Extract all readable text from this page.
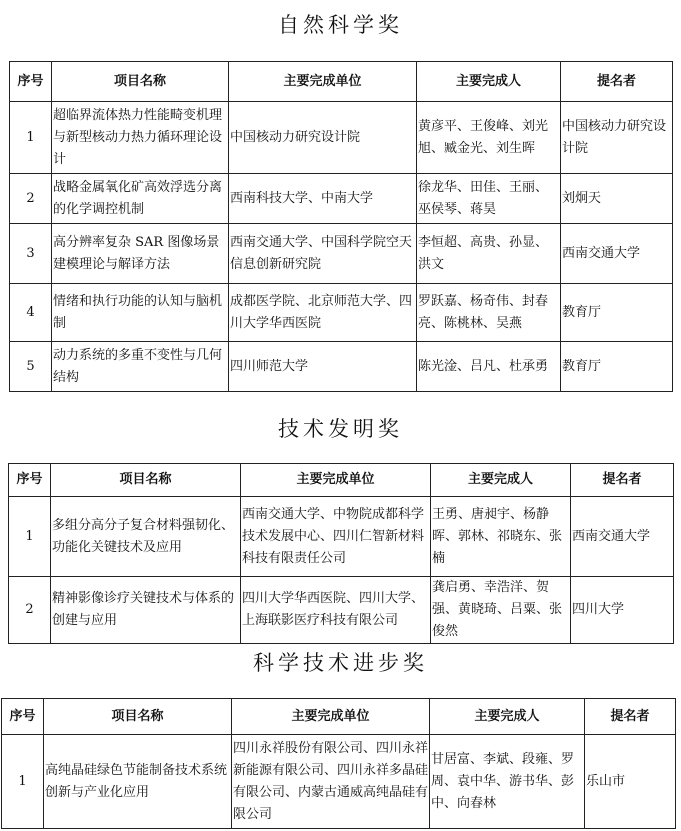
自然科学奖
序号	项目名称	主要完成单位	主要完成人	提名者
1	超临界流体热力性能畸变机理与新型核动力热力循环理论设计	中国核动力研究设计院	黄彦平、王俊峰、刘光旭、臧金光、刘生晖	中国核动力研究设计院
2	战略金属氧化矿高效浮选分离的化学调控机制	西南科技大学、中南大学	徐龙华、田佳、王丽、巫侯琴、蒋昊	刘炯天
3	高分辨率复杂 SAR 图像场景建模理论与解译方法	西南交通大学、中国科学院空天信息创新研究院	李恒超、高贵、孙显、洪文	西南交通大学
4	情绪和执行功能的认知与脑机制	成都医学院、北京师范大学、四川大学华西医院	罗跃嘉、杨奇伟、封春亮、陈桃林、吴燕	教育厅
5	动力系统的多重不变性与几何结构	四川师范大学	陈光淦、吕凡、杜承勇	教育厅
技术发明奖
序号	项目名称	主要完成单位	主要完成人	提名者
1	多组分高分子复合材料强韧化、功能化关键技术及应用	西南交通大学、中物院成都科学技术发展中心、四川仁智新材料科技有限责任公司	王勇、唐昶宇、杨静晖、郭林、祁晓东、张楠	西南交通大学
2	精神影像诊疗关键技术与体系的创建与应用	四川大学华西医院、四川大学、上海联影医疗科技有限公司	龚启勇、幸浩洋、贺强、黄晓琦、吕粟、张俊然	四川大学
科学技术进步奖
序号	项目名称	主要完成单位	主要完成人	提名者
1	高纯晶硅绿色节能制备技术系统创新与产业化应用	四川永祥股份有限公司、四川永祥新能源有限公司、四川永祥多晶硅有限公司、内蒙古通威高纯晶硅有限公司	甘居富、李斌、段雍、罗周、袁中华、游书华、彭中、向春林	乐山市
